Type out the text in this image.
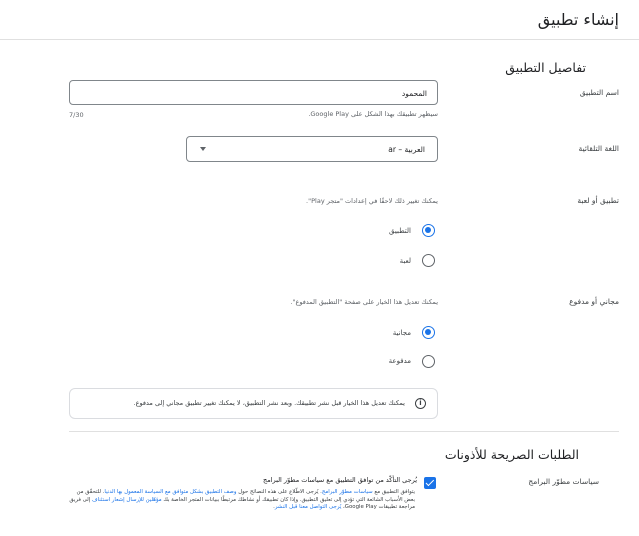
إنشاء تطبيق
تفاصيل التطبيق
اسم التطبيق
المحمود
سيظهر تطبيقك بهذا الشكل على Google Play.
7/30
اللغة التلقائية
العربية – ar
تطبيق أو لعبة
يمكنك تغيير ذلك لاحقًا في إعدادات "متجر Play".
التطبيق
لعبة
مجاني أو مدفوع
يمكنك تعديل هذا الخيار على صفحة "التطبيق المدفوع".
مجانية
مدفوعة
i
يمكنك تعديل هذا الخيار قبل نشر تطبيقك. وبعد نشر التطبيق، لا يمكنك تغيير تطبيق مجاني إلى مدفوع.
الطلبات الصريحة للأذونات
سياسات مطوّر البرامج
يُرجى التأكّد من توافق التطبيق مع سياسات مطوّر البرامج
يتوافق التطبيق مع سياسات مطوّر البرامج. يُرجى الاطّلاع على هذه النصائح حول وصف التطبيق بشكل متوافق مع السياسة المعمول بها الدنيا. للتحقّق من بعض الأسباب الشائعة التي تؤدي إلى تعليق التطبيق. وإذا كان تطبيقك أو نشاطك مرتبطًا ببيانات المتجر الخاصة بك مؤهّلين للإرسال إشعار استئناف إلى فريق مراجعة تطبيقات Google Play، يُرجى التواصل معنا قبل النشر.
